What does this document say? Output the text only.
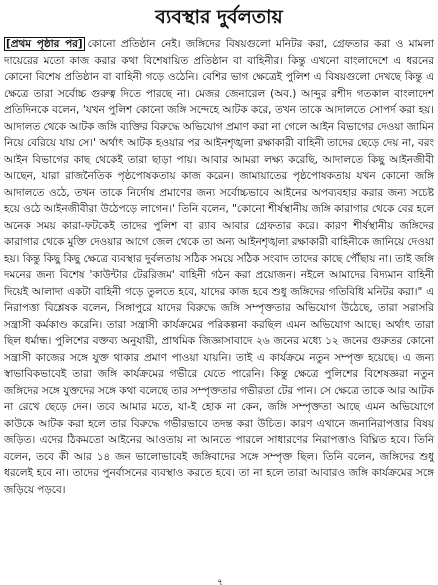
ব্যবস্থার দুর্বলতায়

[প্রথম পৃষ্ঠার পর] কোনো প্রতিষ্ঠান নেই। জঙ্গিদের বিষয়গুলো মনিটর করা, গ্রেফতার করা ও মামলা দায়েরের মতো কাজ করার কথা বিশেষায়িত প্রতিষ্ঠান বা বাহিনীর। কিন্তু এখনো বাংলাদেশে এ ধরনের কোনো বিশেষ প্রতিষ্ঠান বা বাহিনী গড়ে ওঠেনি। বেশির ভাগ ক্ষেত্রেই পুলিশ এ বিষয়গুলো দেখছে কিন্তু এ ক্ষেত্রে তারা সর্বোচ্চ গুরুত্ব দিতে পারছে না। মেজর জেনারেল (অব.) আব্দুর রশীদ গতকাল বাংলাদেশ প্রতিদিনকে বলেন, 'যখন পুলিশ কোনো জঙ্গি সন্দেহে আটক করে, তখন তাকে আদালতে সোপর্দ করা হয়। আদালত থেকে আটক জঙ্গি ব্যক্তির বিরুদ্ধে অভিযোগ প্রমাণ করা না গেলে আইন বিভাগের দেওয়া জামিন নিয়ে বেরিয়ে যায় সে।' অর্থাৎ আটক হওয়ার পর আইনশৃঙ্খলা রক্ষাকারী বাহিনী তাদের ছেড়ে দেয় না, বরং আইন বিভাগের কাছ থেকেই তারা ছাড়া পায়। আবার আমরা লক্ষ্য করেছি, আদালতে কিছু আইনজীবী আছেন, যারা রাজনৈতিক পৃষ্ঠপোষকতায় কাজ করেন। জামায়াতের পৃষ্ঠপোষকতায় যখন কোনো জঙ্গি আদালতে ওঠে, তখন তাকে নির্দোষ প্রমাণের জন্য সর্বোচ্চভাবে আইনের অপব্যবহার করার জন্য সচেষ্ট হয়ে ওঠে আইনজীবীরা উঠেপড়ে লাগেন।' তিনি বলেন, "কোনো শীর্ষস্থানীয় জঙ্গি কারাগার থেকে বের হলে অনেক সময় কারা-ফটকেই তাদের পুলিশ বা র‍্যাব আবার গ্রেফতার করে। কারণ শীর্ষস্থানীয় জঙ্গিদের কারাগার থেকে মুক্তি দেওয়ার আগে জেল থেকে তা অন্য আইনশৃঙ্খলা রক্ষাকারী বাহিনীকে জানিয়ে দেওয়া হয়। কিন্তু কিছু কিছু ক্ষেত্রে ব্যবস্থার দুর্বলতায় সঠিক সময়ে সঠিক সংবাদ তাদের কাছে পৌঁছায় না। তাই জঙ্গি দমনের জন্য বিশেষ 'কাউন্টার টেররিজম' বাহিনী গঠন করা প্রয়োজন। নইলে আমাদের বিদ্যমান বাহিনী দিয়েই আলাদা একটা বাহিনী গড়ে তুলতে হবে, যাদের কাজ হবে শুধু জঙ্গিদের গতিবিধি মনিটর করা।" এ নিরাপত্তা বিশ্লেষক বলেন, সিঙ্গাপুরে যাদের বিরুদ্ধে জঙ্গি সম্পৃক্ততার অভিযোগ উঠেছে, তারা সরাসরি সন্ত্রাসী কর্মকাণ্ড করেনি। তারা সন্ত্রাসী কার্যক্রমের পরিকল্পনা করছিল এমন অভিযোগ আছে। অর্থাৎ তারা ছিল ধর্মান্ধ। পুলিশের বক্তব্য অনুযায়ী, প্রাথমিক জিজ্ঞাসাবাদে ২৬ জনের মধ্যে ১২ জনের গুরুতর কোনো সন্ত্রাসী কাজের সঙ্গে যুক্ত থাকার প্রমাণ পাওয়া যায়নি। তাই এ কার্যক্রমে নতুন সম্পৃক্ত হয়েছে। এ জন্য স্বাভাবিকভাবেই তারা জঙ্গি কার্যক্রমের গভীরে যেতে পারেনি। কিন্তু ক্ষেত্রে পুলিশের বিশেষজ্ঞরা নতুন জঙ্গিদের সঙ্গে যুক্তদের সঙ্গে কথা বলেছে তার সম্পৃক্ততার গভীরতা টের পান। সে ক্ষেত্রে তাকে আর আটক না রেখে ছেড়ে দেন। তবে আমার মতে, যা-ই হোক না কেন, জঙ্গি সম্পৃক্ততা আছে এমন অভিযোগে কাউকে আটক করা হলে তার বিরুদ্ধে গভীরভাবে তদন্ত করা উচিত। কারণ এখানে জনানিরাপত্তার বিষয় জড়িত। এদের ঠিকমতো আইনের আওতায় না আনতে পারলে সাধারণের নিরাপত্তাও বিঘ্নিত হবে। তিনি বলেন, তবে কী আর ১৪ জন ভালোভাবেই জঙ্গিবাদের সঙ্গে সম্পৃক্ত ছিল। তিনি বলেন, জঙ্গিদের শুধু ধরলেই হবে না। তাদের পুনর্বাসনের ব্যবস্থাও করতে হবে। তা না হলে তারা আবারও জঙ্গি কার্যক্রমের সঙ্গে জড়িয়ে পড়বে।

৭
